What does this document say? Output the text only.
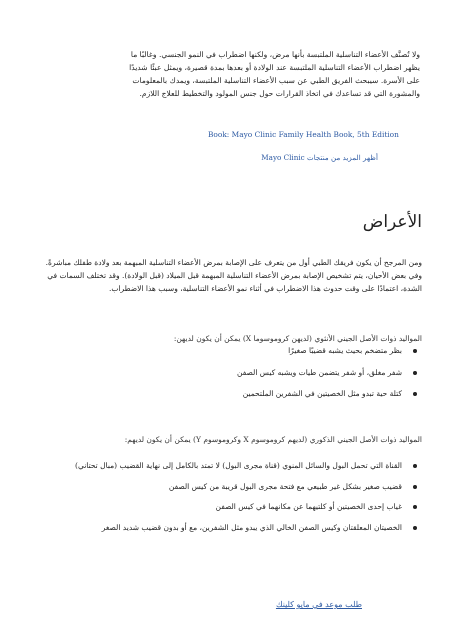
ولا تُصنَّف الأعضاء التناسلية الملتبسة بأنها مرض، ولكنها اضطراب في النمو الجنسي. وغالبًا ما يظهر اضطراب الأعضاء التناسلية الملتبسة عند الولادة أو بعدها بمدة قصيرة، ويمثل عبئًا شديدًا على الأسرة. سيبحث الفريق الطبي عن سبب الأعضاء التناسلية الملتبسة، ويمدك بالمعلومات والمشورة التي قد تساعدك في اتخاذ القرارات حول جنس المولود والتخطيط للعلاج اللازم.

Book: Mayo Clinic Family Health Book, 5th Edition
أظهر المزيد من منتجات Mayo Clinic
الأعراض

ومن المرجح أن يكون فريقك الطبي أول من يتعرف على الإصابة بمرض الأعضاء التناسلية المبهمة بعد ولادة طفلك مباشرةً. وفي بعض الأحيان، يتم تشخيص الإصابة بمرض الأعضاء التناسلية المبهمة قبل الميلاد (قبل الولادة). وقد تختلف السمات في الشدة، اعتمادًا على وقت حدوث هذا الاضطراب في أثناء نمو الأعضاء التناسلية، وسبب هذا الاضطراب.

المواليد ذوات الأصل الجيني الأنثوي (لديهن كروموسوما X) يمكن أن يكون لديهن:

بظر متضخم بحيث يشبه قضيبًا صغيرًا
شفر مغلق، أو شفر يتضمن طيات ويشبه كيس الصفن
كتلة حية تبدو مثل الخصيتين في الشفرين الملتحمين

المواليد ذوات الأصل الجيني الذكوري (لديهم كروموسوم X وكروموسوم Y) يمكن أن يكون لديهم:

القناة التي تحمل البول والسائل المنوي (قناة مجرى البول) لا تمتد بالكامل إلى نهاية القضيب (مبال تحتاني)
قضيب صغير بشكل غير طبيعي مع فتحة مجرى البول قريبة من كيس الصفن
غياب إحدى الخصيتين أو كلتيهما عن مكانهما في كيس الصفن
الخصيتان المعلقتان وكيس الصفن الخالي الذي يبدو مثل الشفرين، مع أو بدون قضيب شديد الصغر
طلب موعد في مايو كلينك
